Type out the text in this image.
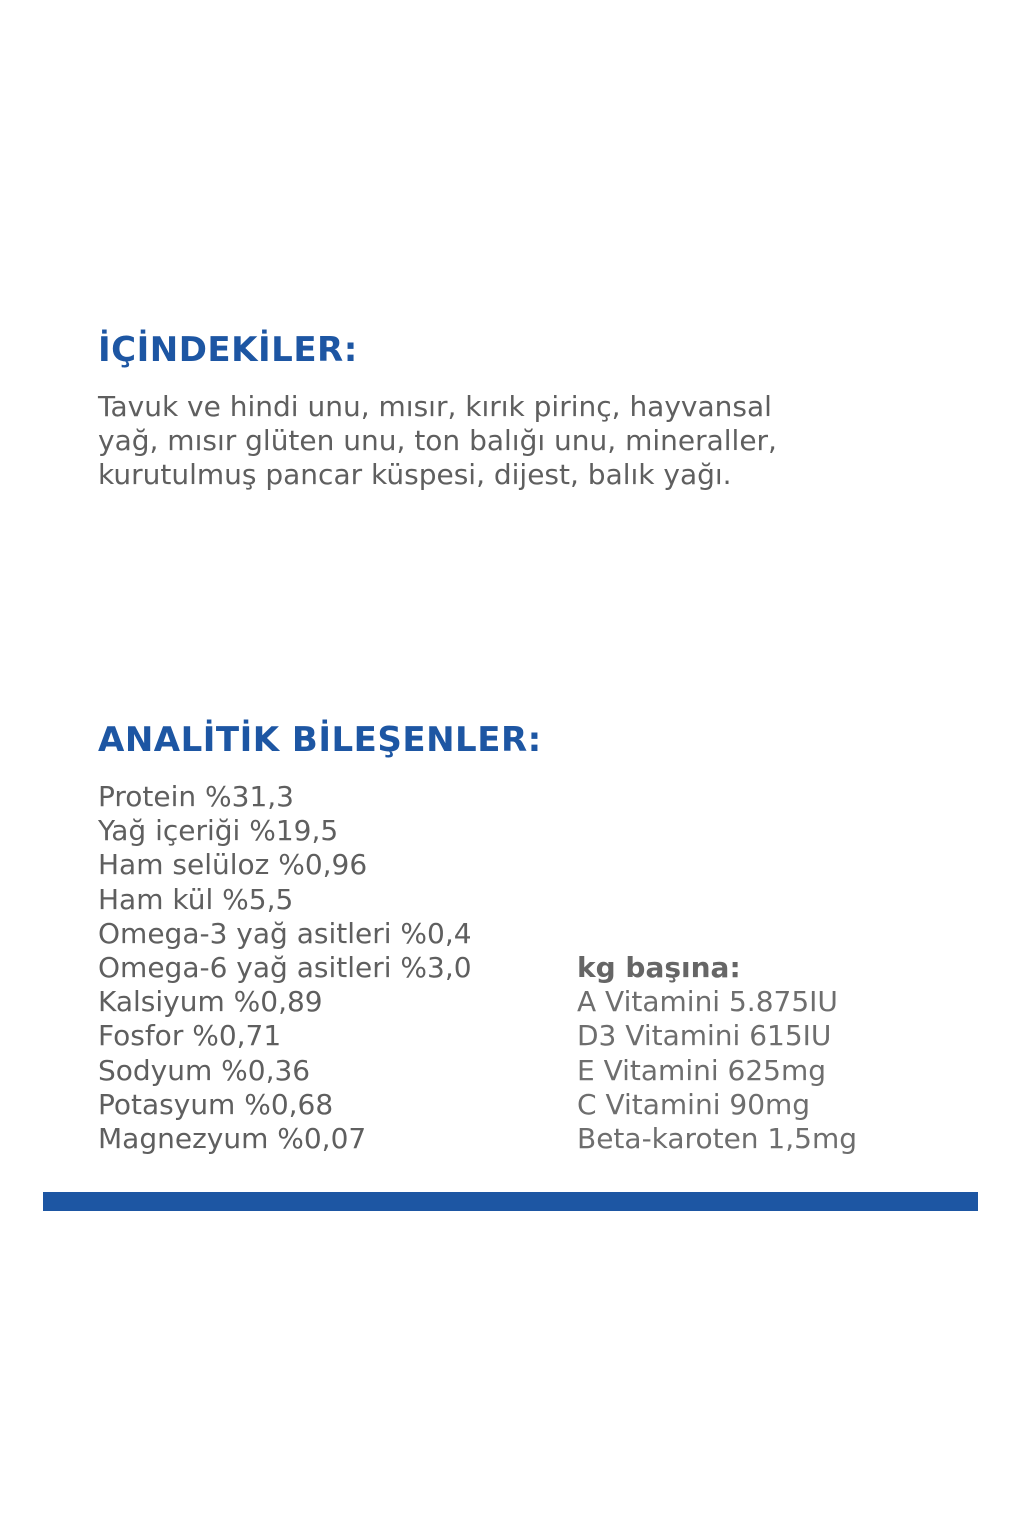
İÇİNDEKİLER:

Tavuk ve hindi unu, mısır, kırık pirinç, hayvansal
yağ, mısır glüten unu, ton balığı unu, mineraller,
kurutulmuş pancar küspesi, dijest, balık yağı.

ANALİTİK BİLEŞENLER:
Protein %31,3
Yağ içeriği %19,5
Ham selüloz %0,96
Ham kül %5,5
Omega-3 yağ asitleri %0,4
Omega-6 yağ asitleri %3,0
Kalsiyum %0,89
Fosfor %0,71
Sodyum %0,36
Potasyum %0,68
Magnezyum %0,07
kg başına:
A Vitamini 5.875IU
D3 Vitamini 615IU
E Vitamini 625mg
C Vitamini 90mg
Beta-karoten 1,5mg
